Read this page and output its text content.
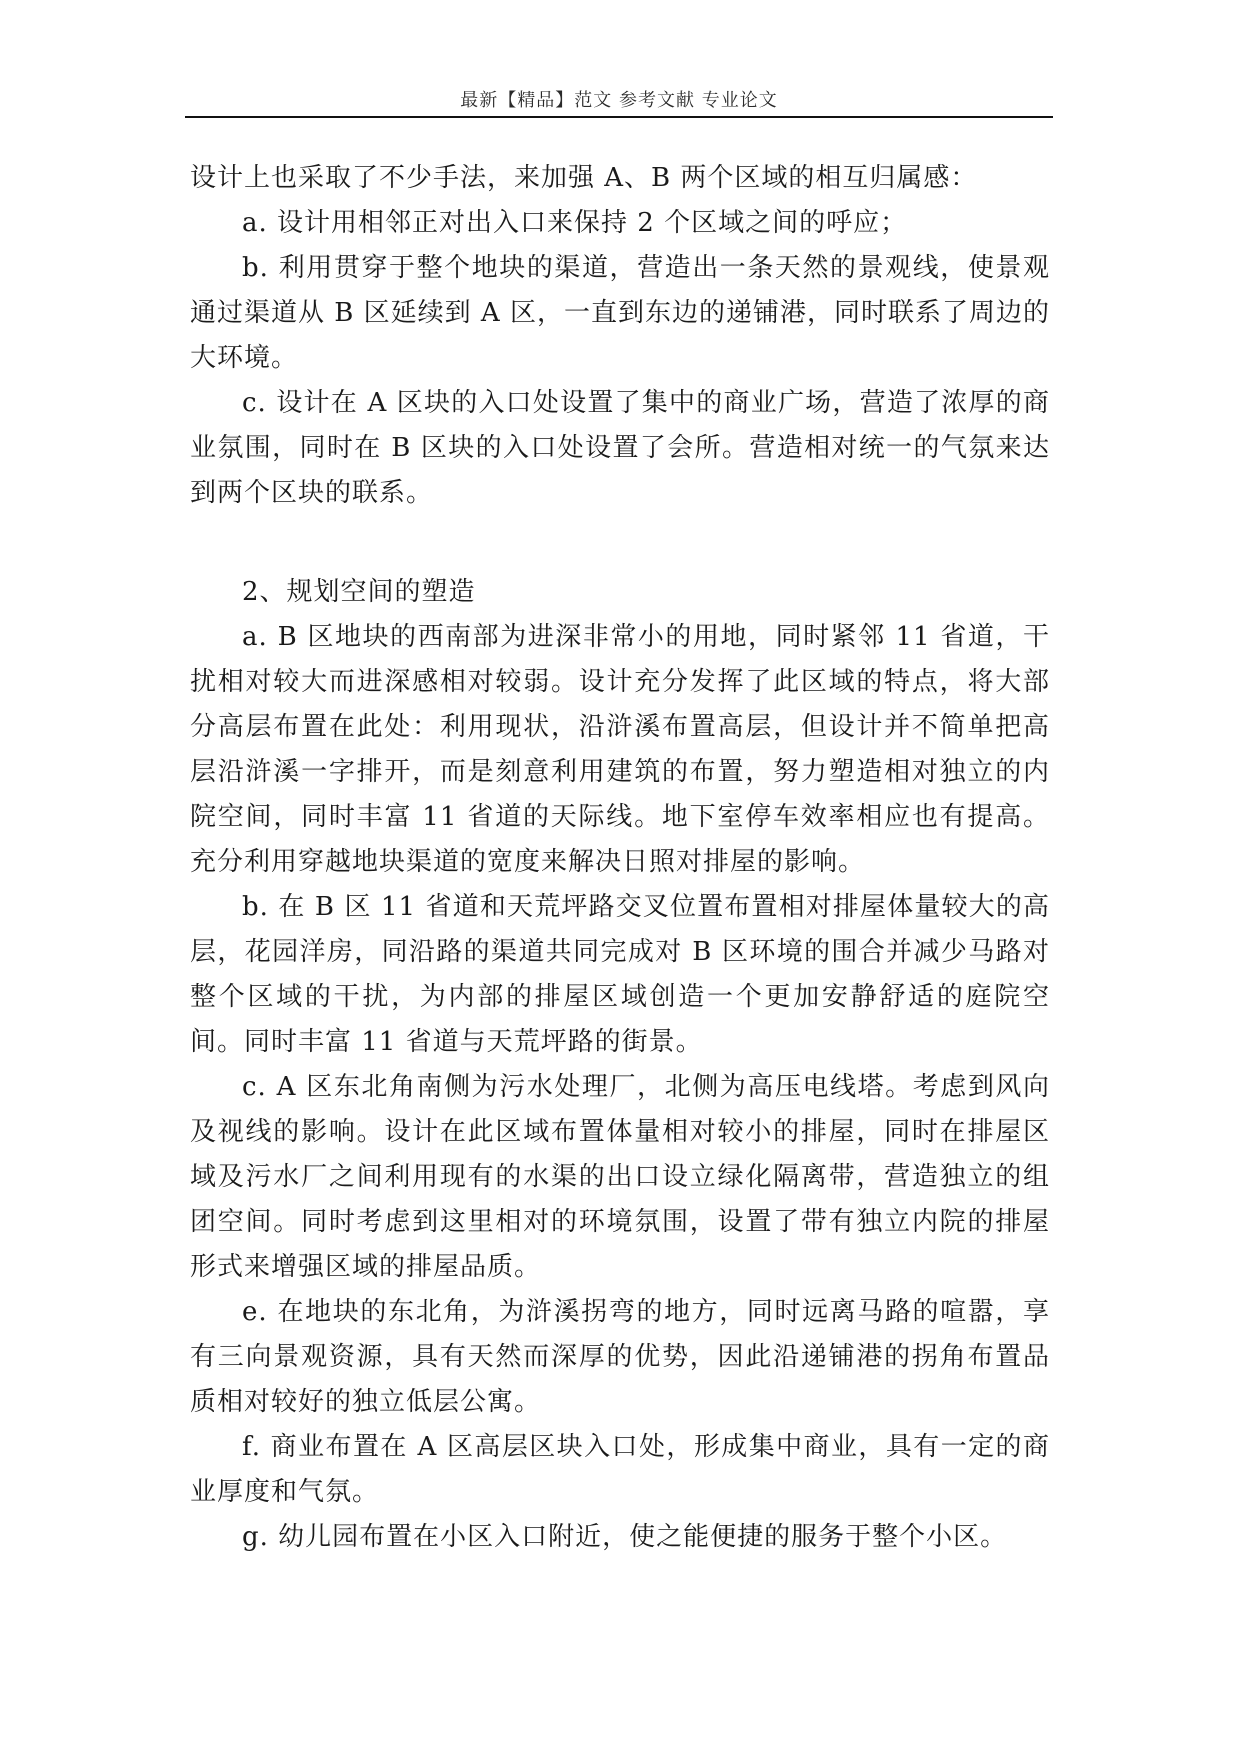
最新【精品】范文 参考文献 专业论文

设计上也采取了不少手法，来加强 A、B 两个区域的相互归属感：

a. 设计用相邻正对出入口来保持 2 个区域之间的呼应；

b. 利用贯穿于整个地块的渠道，营造出一条天然的景观线，使景观通过渠道从 B 区延续到 A 区，一直到东边的递铺港，同时联系了周边的大环境。

c. 设计在 A 区块的入口处设置了集中的商业广场，营造了浓厚的商业氛围，同时在 B 区块的入口处设置了会所。营造相对统一的气氛来达到两个区块的联系。

2、规划空间的塑造

a. B 区地块的西南部为进深非常小的用地，同时紧邻 11 省道，干扰相对较大而进深感相对较弱。设计充分发挥了此区域的特点，将大部分高层布置在此处：利用现状，沿浒溪布置高层，但设计并不简单把高层沿浒溪一字排开，而是刻意利用建筑的布置，努力塑造相对独立的内院空间，同时丰富 11 省道的天际线。地下室停车效率相应也有提高。充分利用穿越地块渠道的宽度来解决日照对排屋的影响。

b. 在 B 区 11 省道和天荒坪路交叉位置布置相对排屋体量较大的高层，花园洋房，同沿路的渠道共同完成对 B 区环境的围合并减少马路对整个区域的干扰，为内部的排屋区域创造一个更加安静舒适的庭院空间。同时丰富 11 省道与天荒坪路的街景。

c. A 区东北角南侧为污水处理厂，北侧为高压电线塔。考虑到风向及视线的影响。设计在此区域布置体量相对较小的排屋，同时在排屋区域及污水厂之间利用现有的水渠的出口设立绿化隔离带，营造独立的组团空间。同时考虑到这里相对的环境氛围，设置了带有独立内院的排屋形式来增强区域的排屋品质。

e. 在地块的东北角，为浒溪拐弯的地方，同时远离马路的喧嚣，享有三向景观资源，具有天然而深厚的优势，因此沿递铺港的拐角布置品质相对较好的独立低层公寓。

f. 商业布置在 A 区高层区块入口处，形成集中商业，具有一定的商业厚度和气氛。

g. 幼儿园布置在小区入口附近，使之能便捷的服务于整个小区。
